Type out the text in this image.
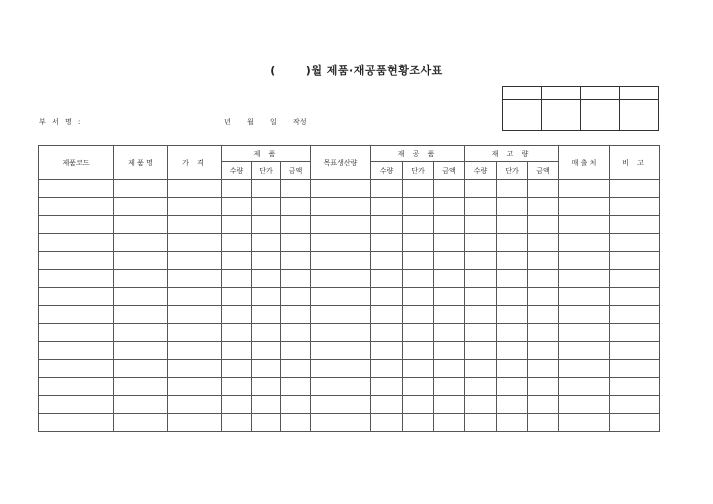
(	)월 제품·재공품현황조사표

부 서 명 :	년 월 일 작성
제품코드	제 품 명	가 격	제 품			목표생산량	재 공 품			재 고 량			매 출 처	비 고
			수량	단가	금액		수량	단가	금액	수량	단가	금액		
